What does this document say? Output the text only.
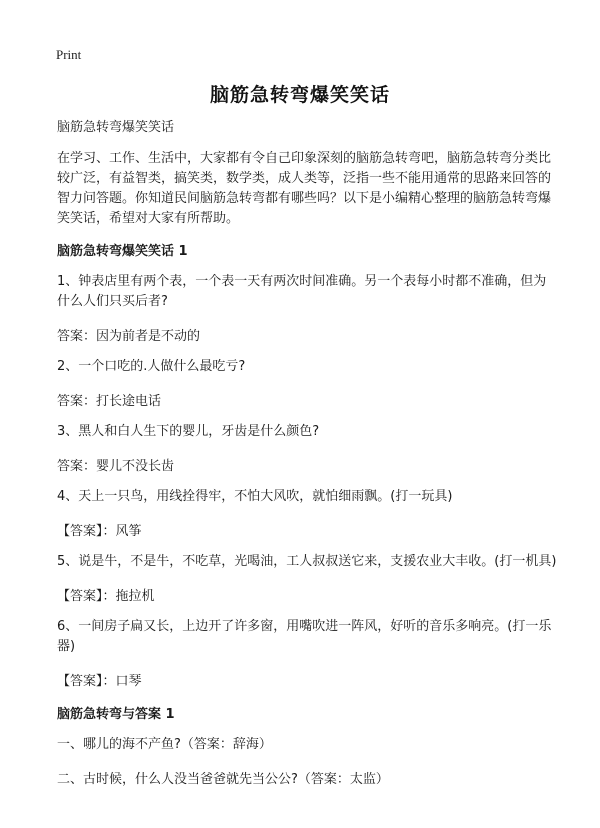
Print
脑筋急转弯爆笑笑话

脑筋急转弯爆笑笑话

在学习、工作、生活中，大家都有令自己印象深刻的脑筋急转弯吧，脑筋急转弯分类比较广泛，有益智类，搞笑类，数学类，成人类等，泛指一些不能用通常的思路来回答的智力问答题。你知道民间脑筋急转弯都有哪些吗？以下是小编精心整理的脑筋急转弯爆笑笑话，希望对大家有所帮助。

脑筋急转弯爆笑笑话 1

1、钟表店里有两个表，一个表一天有两次时间准确。另一个表每小时都不准确，但为什么人们只买后者?

答案：因为前者是不动的

2、一个口吃的.人做什么最吃亏?

答案：打长途电话

3、黑人和白人生下的婴儿，牙齿是什么颜色?

答案：婴儿不没长齿

4、天上一只鸟，用线拴得牢，不怕大风吹，就怕细雨飘。(打一玩具)

【答案】：风筝

5、说是牛，不是牛，不吃草，光喝油，工人叔叔送它来，支援农业大丰收。(打一机具)

【答案】：拖拉机

6、一间房子扁又长，上边开了许多窗，用嘴吹进一阵风，好听的音乐多响亮。(打一乐器)

【答案】：口琴

脑筋急转弯与答案 1

一、哪儿的海不产鱼?（答案：辞海）

二、古时候，什么人没当爸爸就先当公公?（答案：太监）
